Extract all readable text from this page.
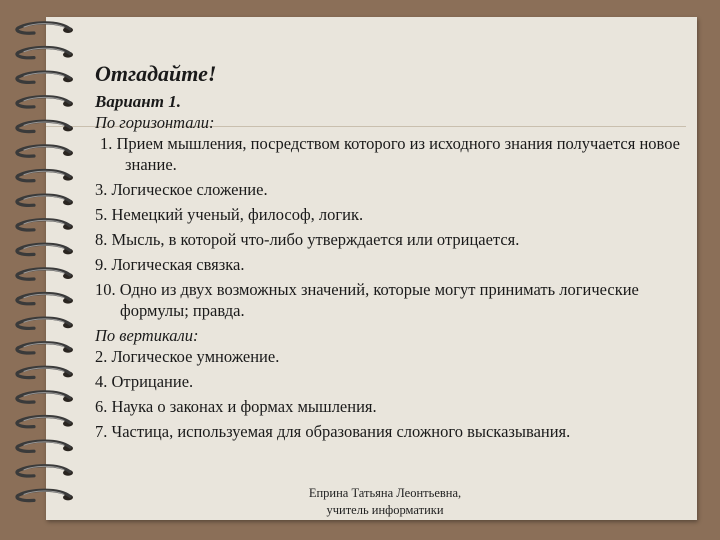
Отгадайте!
Вариант 1.
По горизонтали:
1. Прием мышления, посредством которого из исходного знания получается новое знание.
3. Логическое сложение.
5. Немецкий ученый, философ, логик.
8. Мысль, в которой что-либо утверждается или отрицается.
9. Логическая связка.
10. Одно из двух возможных значений, которые могут принимать логические формулы; правда.
По вертикали:
2. Логическое умножение.
4. Отрицание.
6. Наука о законах и формах мышления.
7. Частица, используемая для образования сложного высказывания.
Еприна Татьяна Леонтьевна,
учитель информатики
